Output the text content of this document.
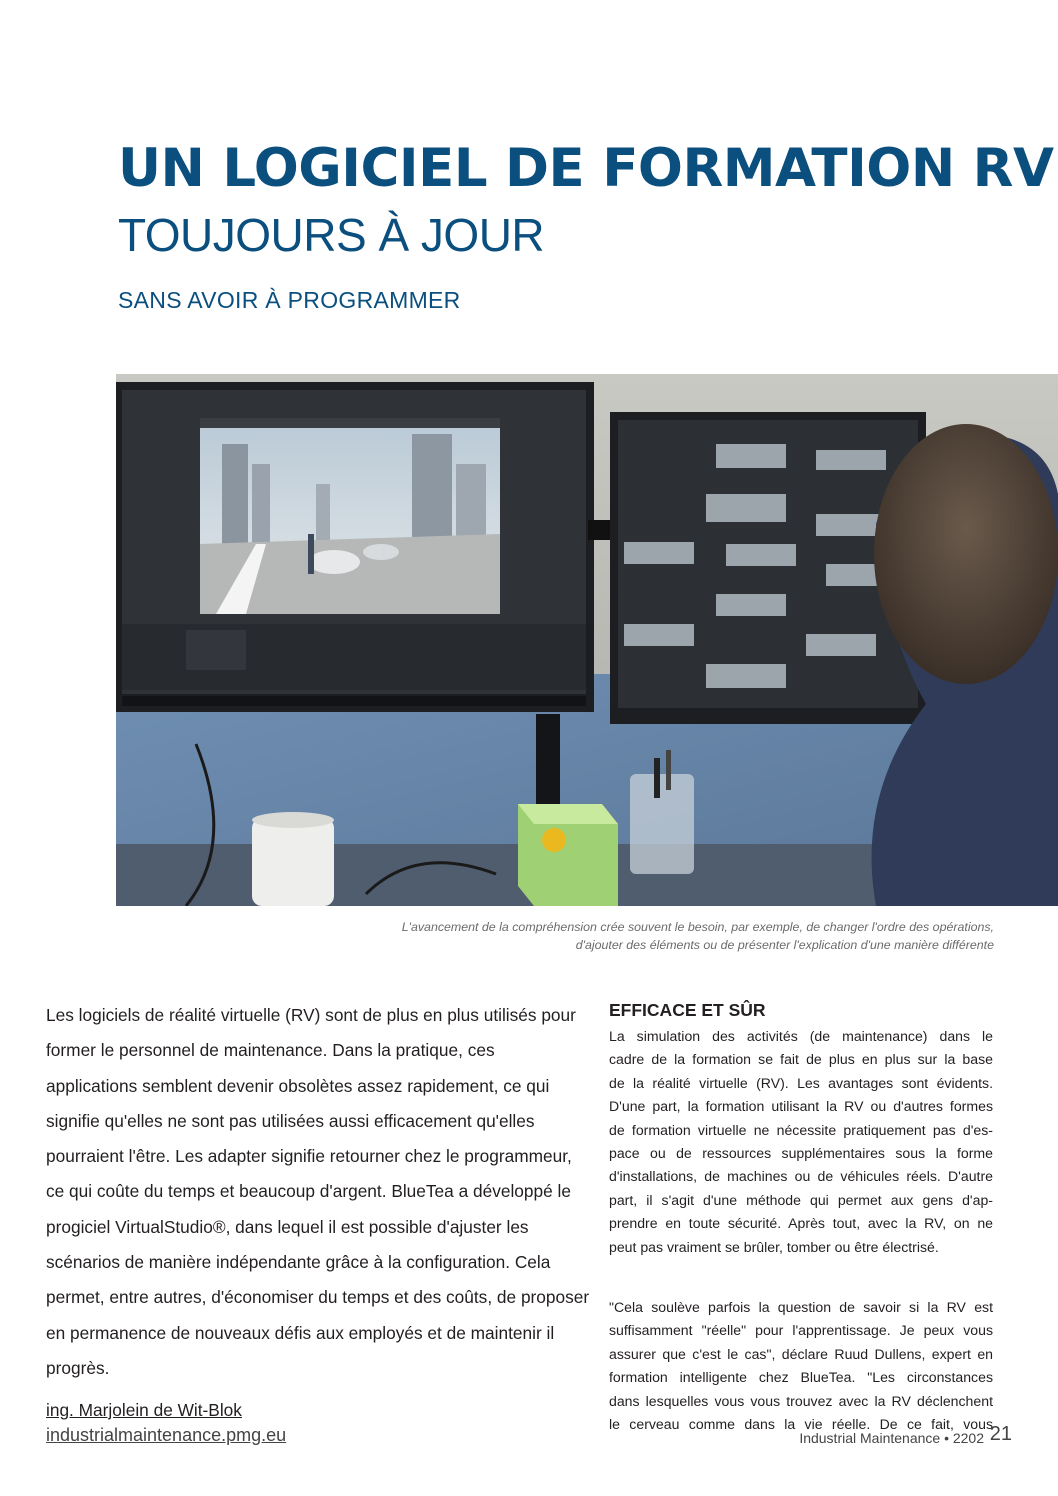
UN LOGICIEL DE FORMATION RV
TOUJOURS À JOUR
SANS AVOIR À PROGRAMMER
L'avancement de la compréhension crée souvent le besoin, par exemple, de changer l'ordre des opérations,
d'ajouter des éléments ou de présenter l'explication d'une manière différente
Les logiciels de réalité virtuelle (RV) sont de plus en plus utilisés pour
former le personnel de maintenance. Dans la pratique, ces
applications semblent devenir obsolètes assez rapidement, ce qui
signifie qu'elles ne sont pas utilisées aussi efficacement qu'elles
pourraient l'être. Les adapter signifie retourner chez le programmeur,
ce qui coûte du temps et beaucoup d'argent. BlueTea a développé le
progiciel VirtualStudio®, dans lequel il est possible d'ajuster les
scénarios de manière indépendante grâce à la configuration. Cela
permet, entre autres, d'économiser du temps et des coûts, de proposer
en permanence de nouveaux défis aux employés et de maintenir il
progrès.
ing. Marjolein de Wit-Blok
EFFICACE ET SÛR
La simulation des activités (de maintenance) dans le
cadre de la formation se fait de plus en plus sur la base
de la réalité virtuelle (RV). Les avantages sont évidents.
D'une part, la formation utilisant la RV ou d'autres formes
de formation virtuelle ne nécessite pratiquement pas d'es-
pace ou de ressources supplémentaires sous la forme
d'installations, de machines ou de véhicules réels. D'autre
part, il s'agit d'une méthode qui permet aux gens d'ap-
prendre en toute sécurité. Après tout, avec la RV, on ne
peut pas vraiment se brûler, tomber ou être électrisé.
"Cela soulève parfois la question de savoir si la RV est
suffisamment "réelle" pour l'apprentissage. Je peux vous
assurer que c'est le cas", déclare Ruud Dullens, expert en
formation intelligente chez BlueTea. "Les circonstances
dans lesquelles vous vous trouvez avec la RV déclenchent
le cerveau comme dans la vie réelle. De ce fait, vous
industrialmaintenance.pmg.eu	Industrial Maintenance • 2202 21
